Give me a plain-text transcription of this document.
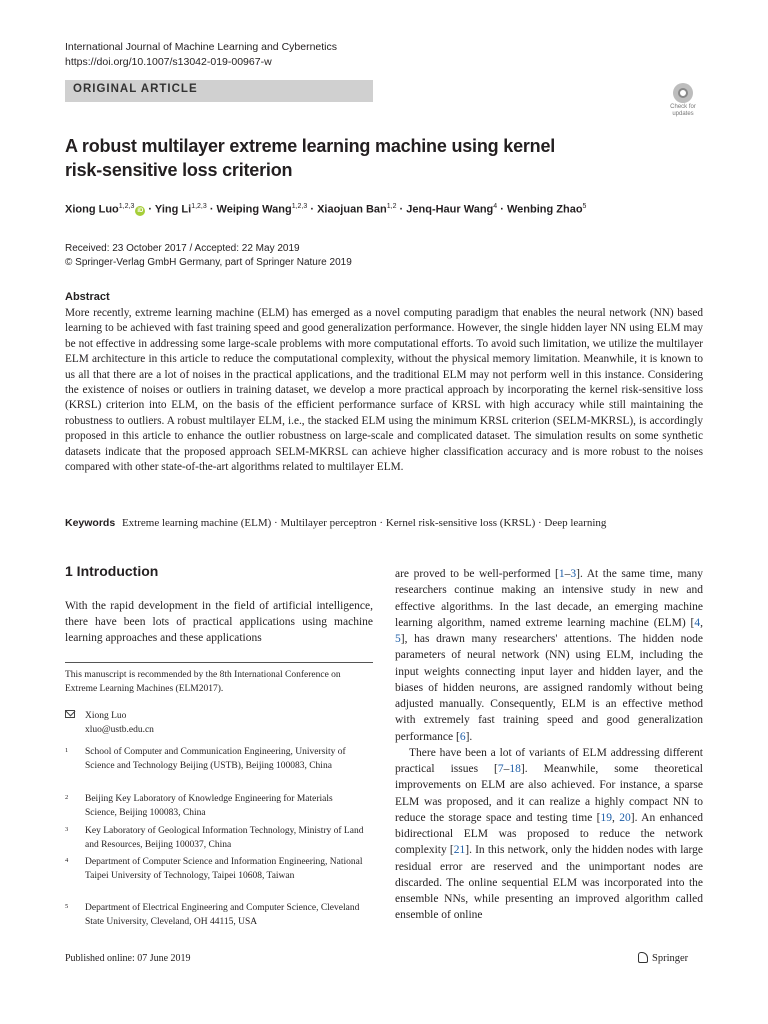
International Journal of Machine Learning and Cybernetics
https://doi.org/10.1007/s13042-019-00967-w
ORIGINAL ARTICLE
Check for updates
A robust multilayer extreme learning machine using kernel
risk-sensitive loss criterion
Xiong Luo$^{1,2,3}$iD · Ying Li$^{1,2,3}$ · Weiping Wang$^{1,2,3}$ · Xiaojuan Ban$^{1,2}$ · Jenq-Haur Wang$^4$ · Wenbing Zhao$^5$
Received: 23 October 2017 / Accepted: 22 May 2019
© Springer-Verlag GmbH Germany, part of Springer Nature 2019
Abstract
More recently, extreme learning machine (ELM) has emerged as a novel computing paradigm that enables the neural network (NN) based learning to be achieved with fast training speed and good generalization performance. However, the single hidden layer NN using ELM may be not effective in addressing some large-scale problems with more computational efforts. To avoid such limitation, we utilize the multilayer ELM architecture in this article to reduce the computational complexity, without the physical memory limitation. Meanwhile, it is known to us all that there are a lot of noises in the practical applications, and the traditional ELM may not perform well in this instance. Considering the existence of noises or outliers in training dataset, we develop a more practical approach by incorporating the kernel risk-sensitive loss (KRSL) criterion into ELM, on the basis of the efficient performance surface of KRSL with high accuracy while still maintaining the robustness to outliers. A robust multilayer ELM, i.e., the stacked ELM using the minimum KRSL criterion (SELM-MKRSL), is accordingly proposed in this article to enhance the outlier robustness on large-scale and complicated dataset. The simulation results on some synthetic datasets indicate that the proposed approach SELM-MKRSL can achieve higher classification accuracy and is more robust to the noises compared with other state-of-the-art algorithms related to multilayer ELM.
Keywords Extreme learning machine (ELM) · Multilayer perceptron · Kernel risk-sensitive loss (KRSL) · Deep learning
1 Introduction
With the rapid development in the field of artificial intelligence, there have been lots of practical applications using machine learning approaches and these applications

are proved to be well-performed [1–3]. At the same time, many researchers continue making an intensive study in new and effective algorithms. In the last decade, an emerging machine learning algorithm, named extreme learning machine (ELM) [4, 5], has drawn many researchers' attentions. The hidden node parameters of neural network (NN) using ELM, including the input weights connecting input layer and hidden layer, and the biases of hidden neurons, are assigned randomly without being adjusted manually. Consequently, ELM is an effective method with extremely fast training speed and good generalization performance [6].

There have been a lot of variants of ELM addressing different practical issues [7–18]. Meanwhile, some theoretical improvements on ELM are also achieved. For instance, a sparse ELM was proposed, and it can realize a highly compact NN to reduce the storage space and testing time [19, 20]. An enhanced bidirectional ELM was proposed to reduce the network complexity [21]. In this network, only the hidden nodes with large residual error are reserved and the unimportant nodes are discarded. The online sequential ELM was incorporated into the ensemble NNs, while presenting an improved algorithm called ensemble of online

This manuscript is recommended by the 8th International Conference on Extreme Learning Machines (ELM2017).
Xiong Luo
xluo@ustb.edu.cn
1 School of Computer and Communication Engineering, University of Science and Technology Beijing (USTB), Beijing 100083, China
2 Beijing Key Laboratory of Knowledge Engineering for Materials Science, Beijing 100083, China
3 Key Laboratory of Geological Information Technology, Ministry of Land and Resources, Beijing 100037, China
4 Department of Computer Science and Information Engineering, National Taipei University of Technology, Taipei 10608, Taiwan
5 Department of Electrical Engineering and Computer Science, Cleveland State University, Cleveland, OH 44115, USA
Published online: 07 June 2019	Springer
